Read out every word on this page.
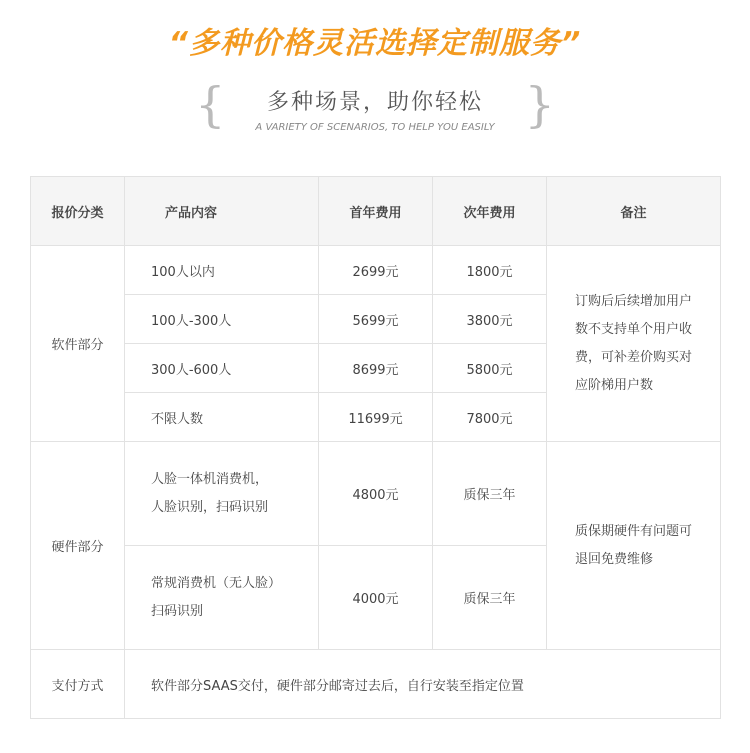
“多种价格灵活选择定制服务”
{	多种场景，助你轻松
A VARIETY OF SCENARIOS, TO HELP YOU EASILY }
报价分类	产品内容	首年费用	次年费用	备注
软件部分	100人以内	2699元	1800元	订购后后续增加用户数不支持单个用户收费，可补差价购买对应阶梯用户数

	100人-300人	5699元	3800元	
	300人-600人	8699元	5800元	
	不限人数	11699元	7800元	
硬件部分	人脸一体机消费机，
人脸识别，扫码识别	4800元	质保三年	质保期硬件有问题可退回免费维修

	常规消费机（无人脸）
扫码识别	4000元	质保三年	
支付方式	软件部分SAAS交付，硬件部分邮寄过去后，自行安装至指定位置			
